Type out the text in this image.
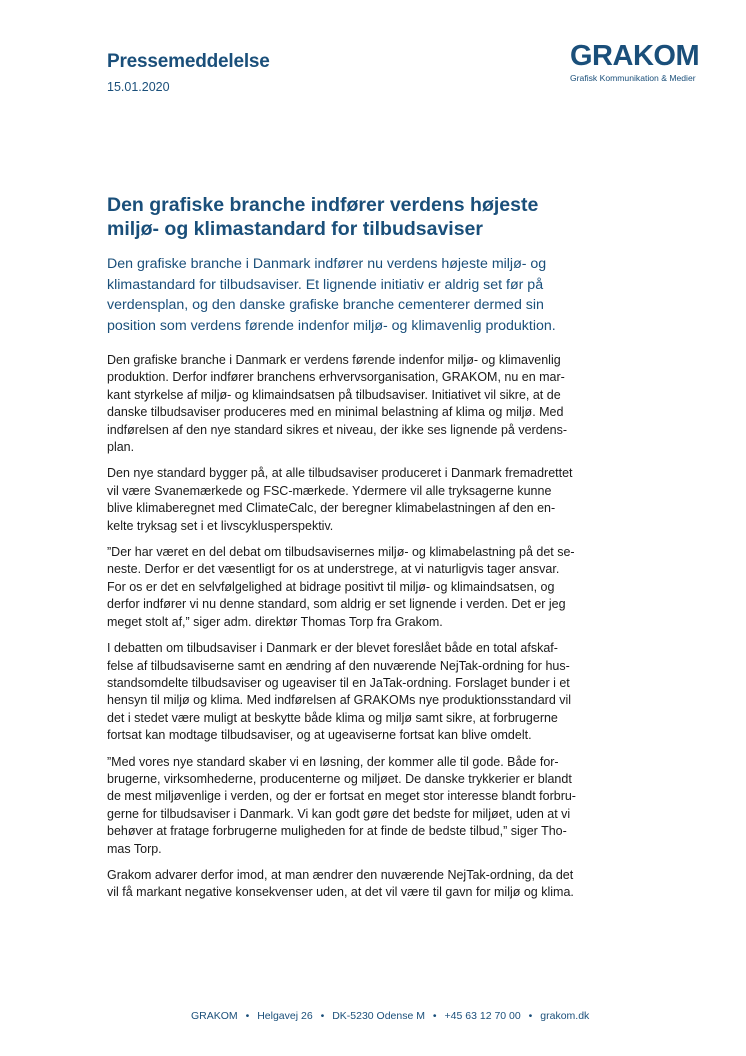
Pressemeddelelse
15.01.2020
GRAKOM
Grafisk Kommunikation & Medier
Den grafiske branche indfører verdens højeste
miljø- og klimastandard for tilbudsaviser

Den grafiske branche i Danmark indfører nu verdens højeste miljø- og
klimastandard for tilbudsaviser. Et lignende initiativ er aldrig set før på
verdensplan, og den danske grafiske branche cementerer dermed sin
position som verdens førende indenfor miljø- og klimavenlig produktion.

Den grafiske branche i Danmark er verdens førende indenfor miljø- og klimavenlig
produktion. Derfor indfører branchens erhvervsorganisation, GRAKOM, nu en mar-
kant styrkelse af miljø- og klimaindsatsen på tilbudsaviser. Initiativet vil sikre, at de
danske tilbudsaviser produceres med en minimal belastning af klima og miljø. Med
indførelsen af den nye standard sikres et niveau, der ikke ses lignende på verdens-
plan.

Den nye standard bygger på, at alle tilbudsaviser produceret i Danmark fremadrettet
vil være Svanemærkede og FSC-mærkede. Ydermere vil alle tryksagerne kunne
blive klimaberegnet med ClimateCalc, der beregner klimabelastningen af den en-
kelte tryksag set i et livscyklusperspektiv.

”Der har været en del debat om tilbudsavisernes miljø- og klimabelastning på det se-
neste. Derfor er det væsentligt for os at understrege, at vi naturligvis tager ansvar.
For os er det en selvfølgelighed at bidrage positivt til miljø- og klimaindsatsen, og
derfor indfører vi nu denne standard, som aldrig er set lignende i verden. Det er jeg
meget stolt af,” siger adm. direktør Thomas Torp fra Grakom.

I debatten om tilbudsaviser i Danmark er der blevet foreslået både en total afskaf-
felse af tilbudsaviserne samt en ændring af den nuværende NejTak-ordning for hus-
standsomdelte tilbudsaviser og ugeaviser til en JaTak-ordning. Forslaget bunder i et
hensyn til miljø og klima. Med indførelsen af GRAKOMs nye produktionsstandard vil
det i stedet være muligt at beskytte både klima og miljø samt sikre, at forbrugerne
fortsat kan modtage tilbudsaviser, og at ugeaviserne fortsat kan blive omdelt.

”Med vores nye standard skaber vi en løsning, der kommer alle til gode. Både for-
brugerne, virksomhederne, producenterne og miljøet. De danske trykkerier er blandt
de mest miljøvenlige i verden, og der er fortsat en meget stor interesse blandt forbru-
gerne for tilbudsaviser i Danmark. Vi kan godt gøre det bedste for miljøet, uden at vi
behøver at fratage forbrugerne muligheden for at finde de bedste tilbud,” siger Tho-
mas Torp.

Grakom advarer derfor imod, at man ændrer den nuværende NejTak-ordning, da det
vil få markant negative konsekvenser uden, at det vil være til gavn for miljø og klima.

GRAKOM • Helgavej 26 • DK-5230 Odense M • +45 63 12 70 00 • grakom.dk
